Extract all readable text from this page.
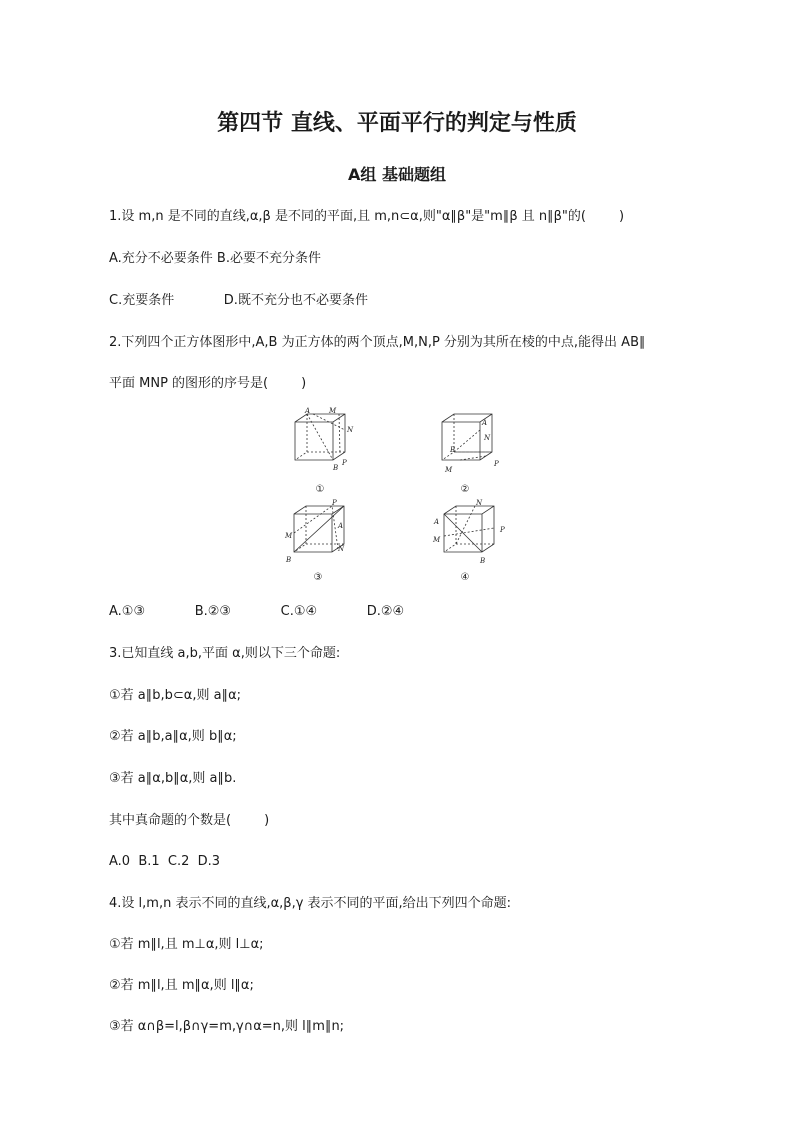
第四节 直线、平面平行的判定与性质
A组 基础题组

1.设 m,n 是不同的直线,α,β 是不同的平面,且 m,n⊂α,则"α∥β"是"m∥β 且 n∥β"的(        )

A.充分不必要条件 B.必要不充分条件

C.充要条件            D.既不充分也不必要条件

2.下列四个正方体图形中,A,B 为正方体的两个顶点,M,N,P 分别为其所在棱的中点,能得出 AB∥

平面 MNP 的图形的序号是(        )

A	M
N
B
P
①
A
N
B
P
M
②
P
A
M
N
B
③
N
A
M
P
B
④

A.①③            B.②③            C.①④            D.②④

3.已知直线 a,b,平面 α,则以下三个命题:

①若 a∥b,b⊂α,则 a∥α;

②若 a∥b,a∥α,则 b∥α;

③若 a∥α,b∥α,则 a∥b.

其中真命题的个数是(        )

A.0  B.1  C.2  D.3

4.设 l,m,n 表示不同的直线,α,β,γ 表示不同的平面,给出下列四个命题:

①若 m∥l,且 m⊥α,则 l⊥α;

②若 m∥l,且 m∥α,则 l∥α;

③若 α∩β=l,β∩γ=m,γ∩α=n,则 l∥m∥n;
